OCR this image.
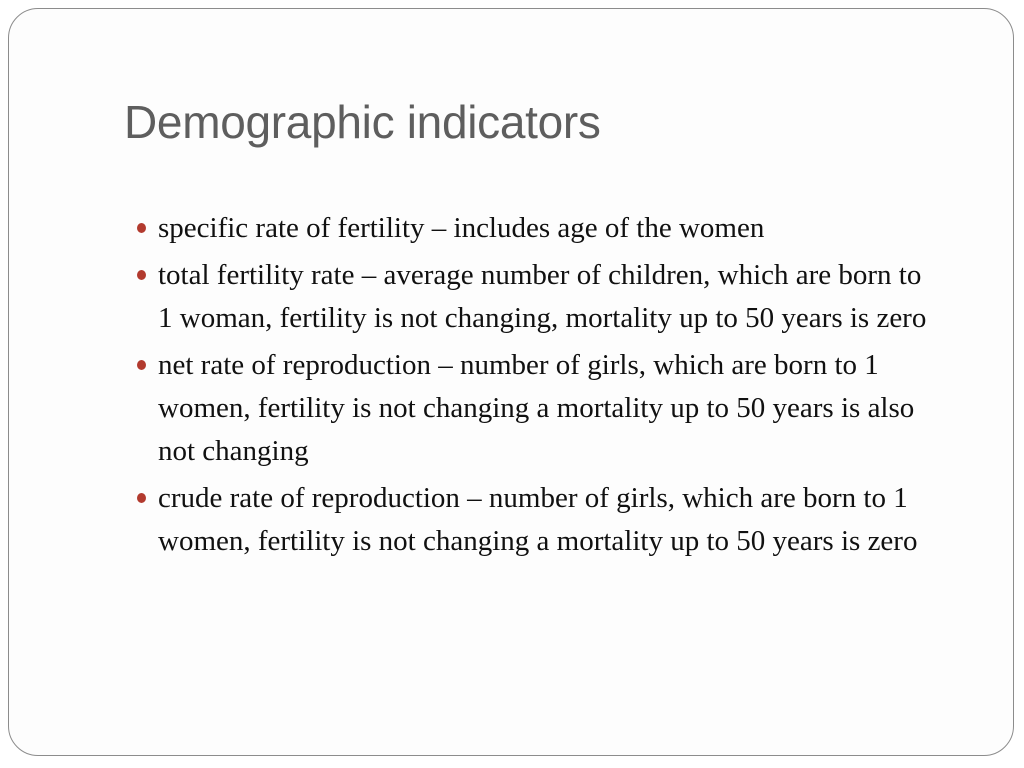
Demographic indicators
specific rate of fertility – includes age of the women
total fertility rate – average number of children, which are born to 1 woman, fertility is not changing, mortality up to 50 years is zero
net rate of reproduction – number of girls, which are born to 1 women, fertility is not changing a mortality up to 50 years is also not changing
crude rate of reproduction – number of girls, which are born to 1 women, fertility is not changing a mortality up to 50 years is zero
